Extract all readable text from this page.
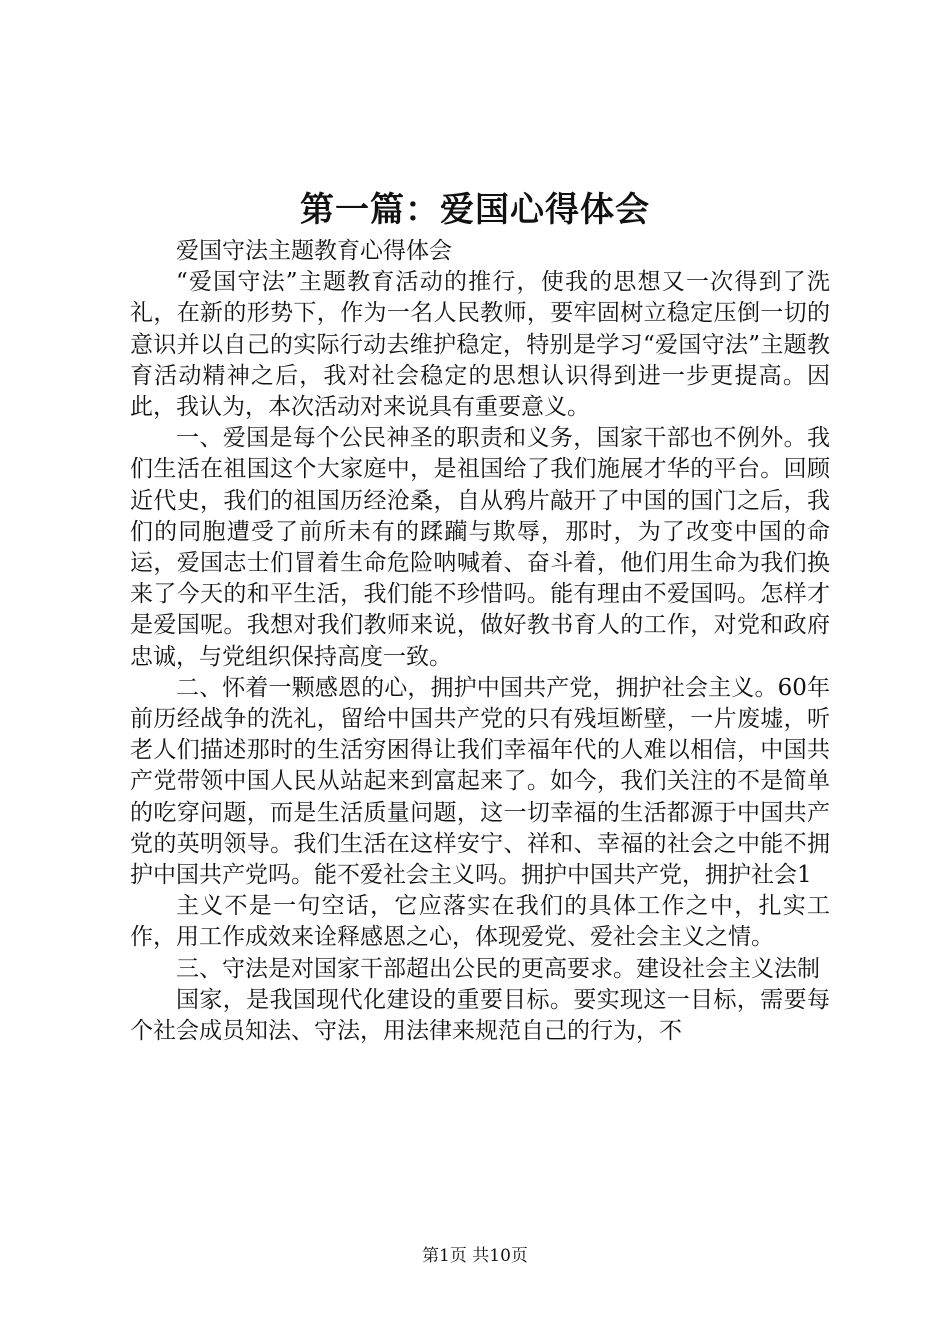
第一篇：爱国心得体会

爱国守法主题教育心得体会

“爱国守法”主题教育活动的推行，使我的思想又一次得到了洗礼，在新的形势下，作为一名人民教师，要牢固树立稳定压倒一切的意识并以自己的实际行动去维护稳定，特别是学习“爱国守法”主题教育活动精神之后，我对社会稳定的思想认识得到进一步更提高。因此，我认为，本次活动对来说具有重要意义。

一、爱国是每个公民神圣的职责和义务，国家干部也不例外。我们生活在祖国这个大家庭中，是祖国给了我们施展才华的平台。回顾近代史，我们的祖国历经沧桑，自从鸦片敲开了中国的国门之后，我们的同胞遭受了前所未有的蹂躏与欺辱，那时，为了改变中国的命运，爱国志士们冒着生命危险呐喊着、奋斗着，他们用生命为我们换来了今天的和平生活，我们能不珍惜吗。能有理由不爱国吗。怎样才是爱国呢。我想对我们教师来说，做好教书育人的工作，对党和政府忠诚，与党组织保持高度一致。

二、怀着一颗感恩的心，拥护中国共产党，拥护社会主义。60年前历经战争的洗礼，留给中国共产党的只有残垣断壁，一片废墟，听老人们描述那时的生活穷困得让我们幸福年代的人难以相信，中国共产党带领中国人民从站起来到富起来了。如今，我们关注的不是简单的吃穿问题，而是生活质量问题，这一切幸福的生活都源于中国共产党的英明领导。我们生活在这样安宁、祥和、幸福的社会之中能不拥护中国共产党吗。能不爱社会主义吗。拥护中国共产党，拥护社会1

主义不是一句空话，它应落实在我们的具体工作之中，扎实工作，用工作成效来诠释感恩之心，体现爱党、爱社会主义之情。

三、守法是对国家干部超出公民的更高要求。建设社会主义法制

国家，是我国现代化建设的重要目标。要实现这一目标，需要每个社会成员知法、守法，用法律来规范自己的行为，不

第1页 共10页
